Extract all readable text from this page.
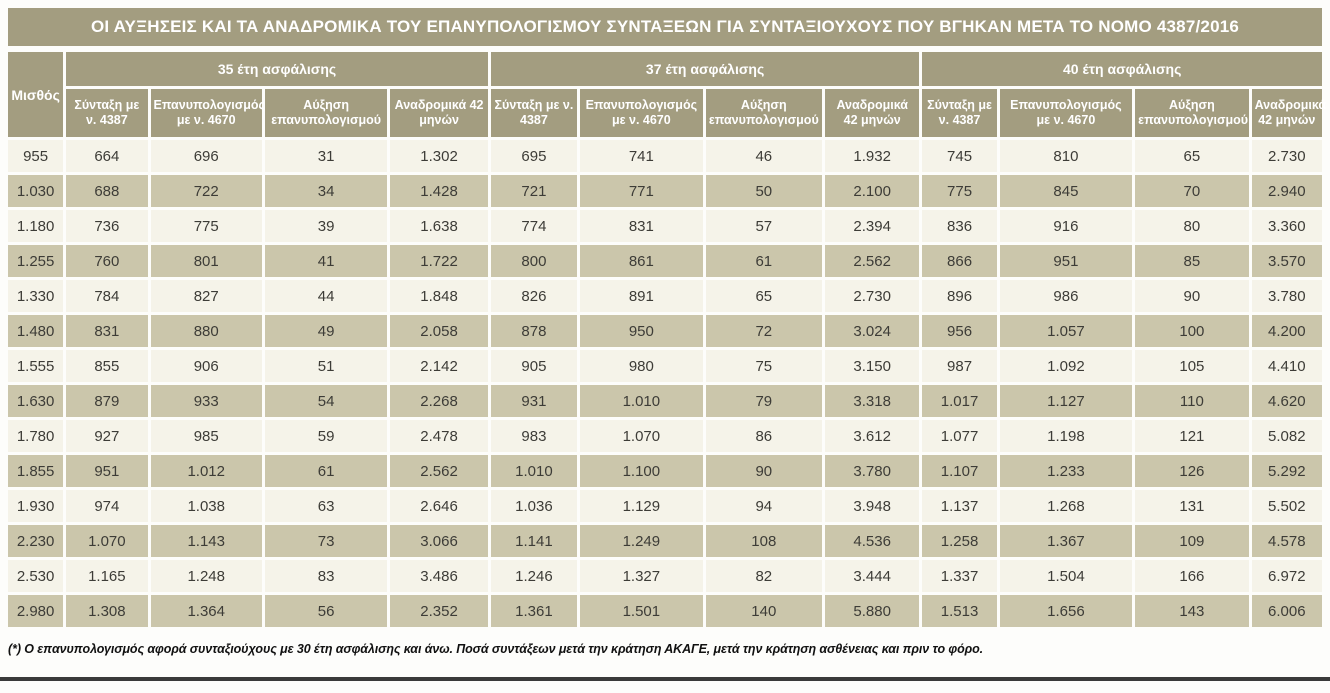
ΟΙ ΑΥΞΗΣΕΙΣ ΚΑΙ ΤΑ ΑΝΑΔΡΟΜΙΚΑ ΤΟΥ ΕΠΑΝΥΠΟΛΟΓΙΣΜΟΥ ΣΥΝΤΑΞΕΩΝ ΓΙΑ ΣΥΝΤΑΞΙΟΥΧΟΥΣ ΠΟΥ ΒΓΗΚΑΝ ΜΕΤΑ ΤΟ ΝΟΜΟ 4387/2016
Μισθός	35 έτη ασφάλισης				37 έτη ασφάλισης				40 έτη ασφάλισης			
	Σύνταξη με ν. 4387	Επανυπολογισμός με ν. 4670	Αύξηση επανυπολογισμού	Αναδρομικά 42 μηνών	Σύνταξη με ν. 4387	Επανυπολογισμός με ν. 4670	Αύξηση επανυπολογισμού	Αναδρομικά 42 μηνών	Σύνταξη με ν. 4387	Επανυπολογισμός με ν. 4670	Αύξηση επανυπολογισμού	Αναδρομικά 42 μηνών
955	664	696	31	1.302	695	741	46	1.932	745	810	65	2.730
1.030	688	722	34	1.428	721	771	50	2.100	775	845	70	2.940
1.180	736	775	39	1.638	774	831	57	2.394	836	916	80	3.360
1.255	760	801	41	1.722	800	861	61	2.562	866	951	85	3.570
1.330	784	827	44	1.848	826	891	65	2.730	896	986	90	3.780
1.480	831	880	49	2.058	878	950	72	3.024	956	1.057	100	4.200
1.555	855	906	51	2.142	905	980	75	3.150	987	1.092	105	4.410
1.630	879	933	54	2.268	931	1.010	79	3.318	1.017	1.127	110	4.620
1.780	927	985	59	2.478	983	1.070	86	3.612	1.077	1.198	121	5.082
1.855	951	1.012	61	2.562	1.010	1.100	90	3.780	1.107	1.233	126	5.292
1.930	974	1.038	63	2.646	1.036	1.129	94	3.948	1.137	1.268	131	5.502
2.230	1.070	1.143	73	3.066	1.141	1.249	108	4.536	1.258	1.367	109	4.578
2.530	1.165	1.248	83	3.486	1.246	1.327	82	3.444	1.337	1.504	166	6.972
2.980	1.308	1.364	56	2.352	1.361	1.501	140	5.880	1.513	1.656	143	6.006
(*) Ο επανυπολογισμός αφορά συνταξιούχους με 30 έτη ασφάλισης και άνω. Ποσά συντάξεων μετά την κράτηση ΑΚΑΓΕ, μετά την κράτηση ασθένειας και πριν το φόρο.
